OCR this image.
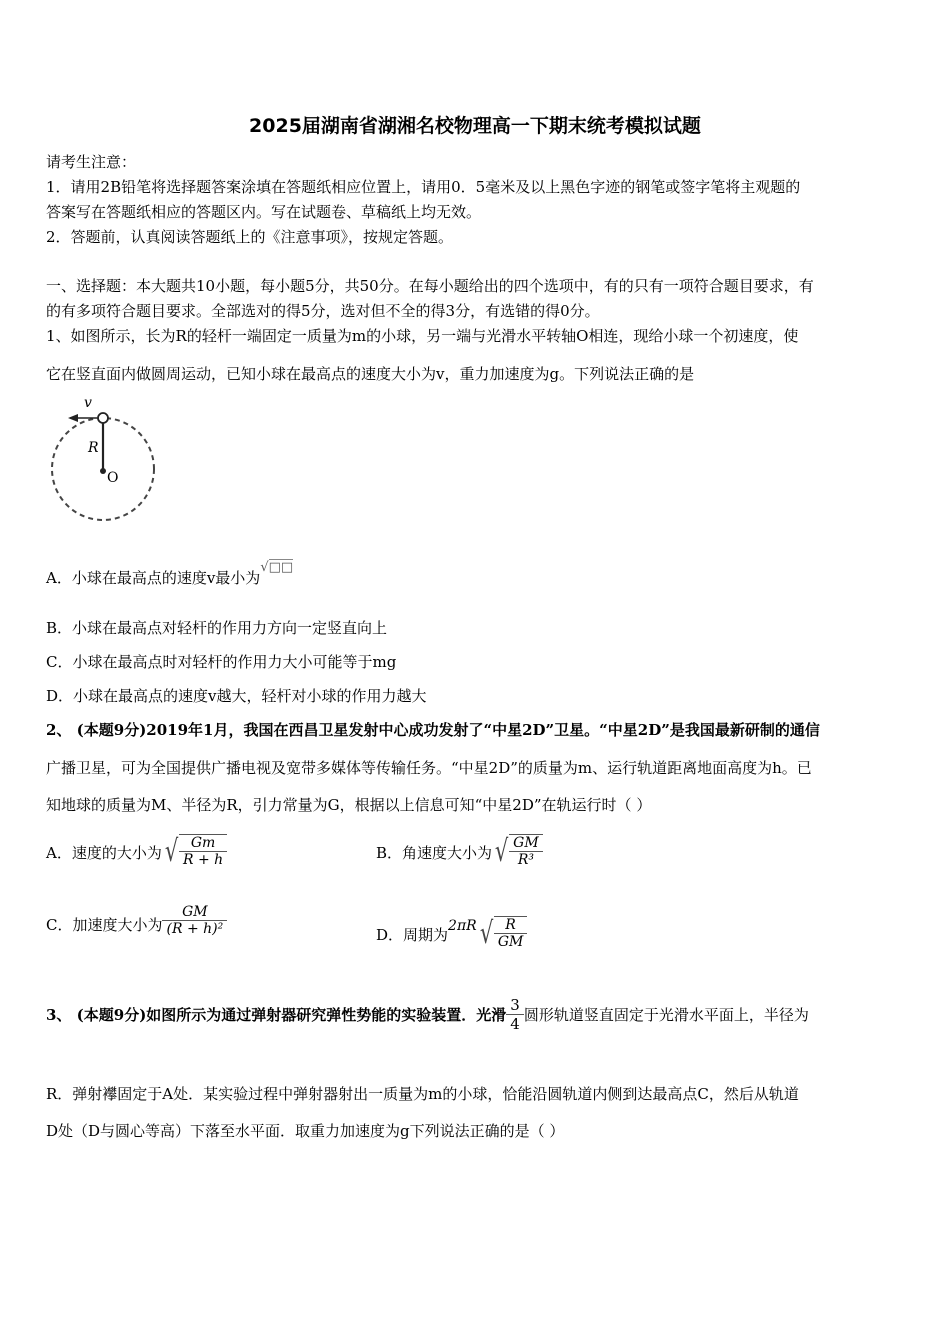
2025届湖南省湖湘名校物理高一下期末统考模拟试题
请考生注意：
1．请用2B铅笔将选择题答案涂填在答题纸相应位置上，请用0．5毫米及以上黑色字迹的钢笔或签字笔将主观题的
答案写在答题纸相应的答题区内。写在试题卷、草稿纸上均无效。
2．答题前，认真阅读答题纸上的《注意事项》，按规定答题。
一、选择题：本大题共10小题，每小题5分，共50分。在每小题给出的四个选项中，有的只有一项符合题目要求，有
的有多项符合题目要求。全部选对的得5分，选对但不全的得3分，有选错的得0分。
1、如图所示，长为R的轻杆一端固定一质量为m的小球，另一端与光滑水平转轴O相连，现给小球一个初速度，使
它在竖直面内做圆周运动，已知小球在最高点的速度大小为v，重力加速度为g。下列说法正确的是
v
R
O
A．小球在最高点的速度v最小为√□□
B．小球在最高点对轻杆的作用力方向一定竖直向上
C．小球在最高点时对轻杆的作用力大小可能等于mg
D．小球在最高点的速度v越大，轻杆对小球的作用力越大
2、 (本题9分)2019年1月，我国在西昌卫星发射中心成功发射了“中星2D”卫星。“中星2D”是我国最新研制的通信
广播卫星，可为全国提供广播电视及宽带多媒体等传输任务。“中星2D”的质量为m、运行轨道距离地面高度为h。已
知地球的质量为M、半径为R，引力常量为G，根据以上信息可知“中星2D”在轨运行时（ ）
A．速度的大小为 √ $\frac{Gm}{R + h}$	B．角速度大小为 √ $\frac{GM}{\text{R³}}$
C．加速度大小为 $\frac{GM}{\text{(R + h)²}}$	D．周期为 2πR √ $\frac{R}{GM}$
3、 (本题9分)如图所示为通过弹射器研究弹性势能的实验装置．光滑 $\frac{3}{4}$ 圆形轨道竖直固定于光滑水平面上，半径为
R．弹射襻固定于A处．某实验过程中弹射器射出一质量为m的小球，恰能沿圆轨道内侧到达最高点C，然后从轨道
D处（D与圆心等高）下落至水平面．取重力加速度为g下列说法正确的是（ ）
